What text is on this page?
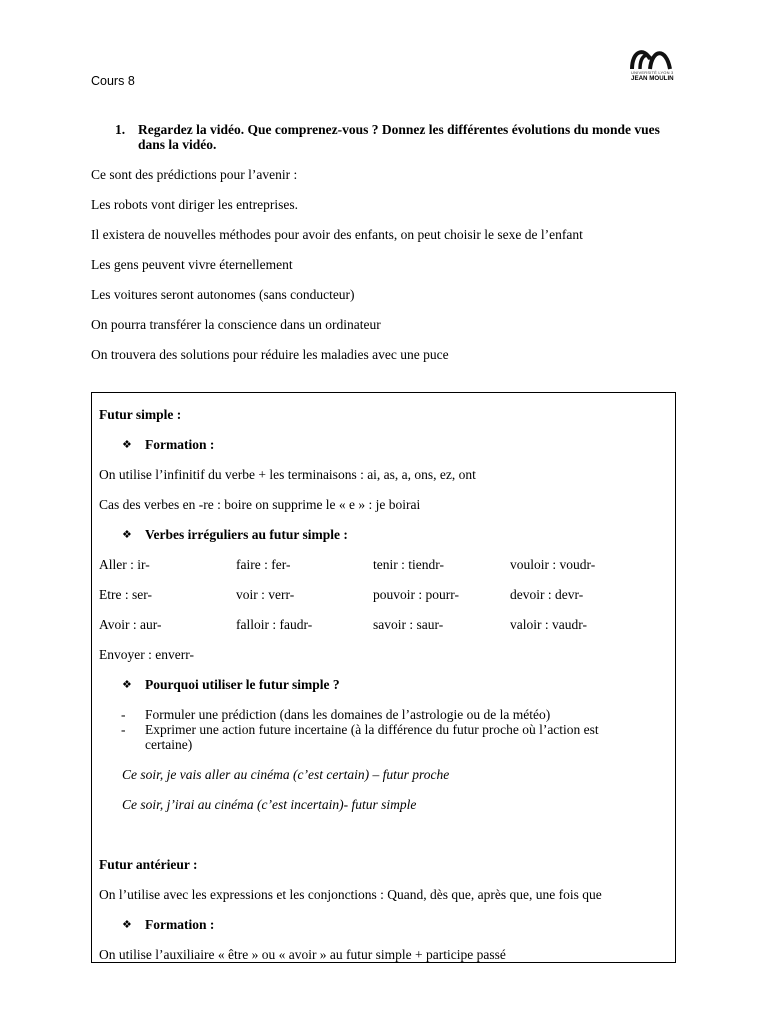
Cours 8
UNIVERSITÉ LYON 3
JEAN MOULIN
1. Regardez la vidéo. Que comprenez-vous ? Donnez les différentes évolutions du monde vues dans la vidéo.
Ce sont des prédictions pour l’avenir :
Les robots vont diriger les entreprises.
Il existera de nouvelles méthodes pour avoir des enfants, on peut choisir le sexe de l’enfant
Les gens peuvent vivre éternellement
Les voitures seront autonomes (sans conducteur)
On pourra transférer la conscience dans un ordinateur
On trouvera des solutions pour réduire les maladies avec une puce
Futur simple :
❖ Formation :
On utilise l’infinitif du verbe + les terminaisons : ai, as, a, ons, ez, ont
Cas des verbes en -re : boire on supprime le « e » : je boirai
❖ Verbes irréguliers au futur simple :
Aller : ir-	faire : fer-	tenir : tiendr-	vouloir : voudr-
Etre : ser-	voir : verr-	pouvoir : pourr-	devoir : devr-
Avoir : aur-	falloir : faudr-	savoir : saur-	valoir : vaudr-
Envoyer : enverr-
❖ Pourquoi utiliser le futur simple ?
- Formuler une prédiction (dans les domaines de l’astrologie ou de la météo)
- Exprimer une action future incertaine (à la différence du futur proche où l’action est certaine)
Ce soir, je vais aller au cinéma (c’est certain) – futur proche
Ce soir, j’irai au cinéma (c’est incertain)- futur simple
Futur antérieur :
On l’utilise avec les expressions et les conjonctions : Quand, dès que, après que, une fois que
❖ Formation :
On utilise l’auxiliaire « être » ou « avoir » au futur simple + participe passé
